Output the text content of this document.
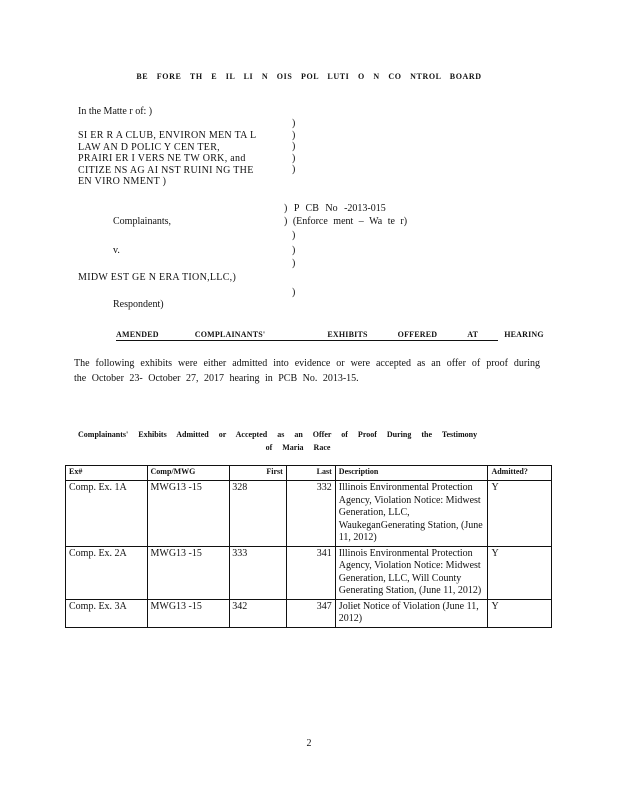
BE FORE TH E IL LI N OIS POL LUTI O N CO NTROL BOARD
In the Matte r of: )
SI ER R A CLUB, ENVIRON MEN TA L
LAW AN D POLIC Y CEN TER,
PRAIRI ER I VERS NE TW ORK, and
CITIZE NS AG AI NST RUINI NG THE
EN VIRO NMENT )
)
)
)
)
)
) P CB No -2013-015
Complainants,	) (Enforce ment – Wa te r)
)
v.	)
)
MIDW EST GE N ERA TION,LLC,)
)
Respondent)
AMENDED	COMPLAINANTS'	EXHIBITS	OFFERED	AT	HEARING
The following exhibits were either admitted into evidence or were accepted as an offer of proof during the October 23- October 27, 2017 hearing in PCB No. 2013-15.
Complainants' Exhibits Admitted or Accepted as an Offer of Proof During the Testimony
of Maria Race
Ex#	Comp/MWG	First	Last	Description	Admitted?
Comp. Ex. 1A	MWG13 -15	328	332	Illinois Environmental Protection Agency, Violation Notice: Midwest Generation, LLC, WaukeganGenerating Station, (June 11, 2012)	Y
Comp. Ex. 2A	MWG13 -15	333	341	Illinois Environmental Protection Agency, Violation Notice: Midwest Generation, LLC, Will County Generating Station, (June 11, 2012)	Y
Comp. Ex. 3A	MWG13 -15	342	347	Joliet Notice of Violation (June 11, 2012)	Y
2
